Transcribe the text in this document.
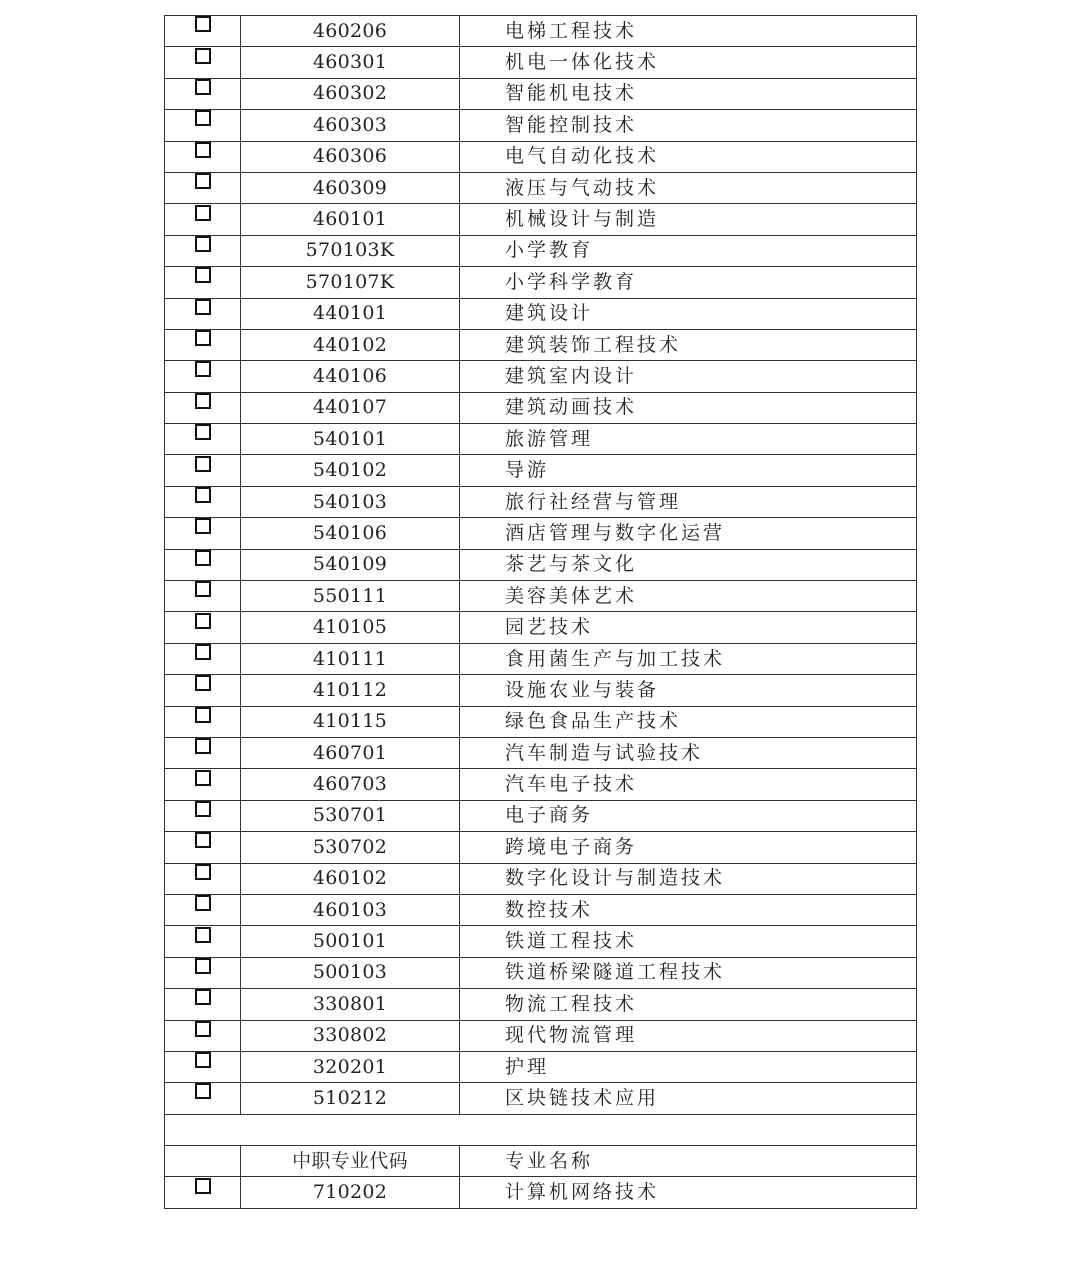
	460206	电梯工程技术
	460301	机电一体化技术
	460302	智能机电技术
	460303	智能控制技术
	460306	电气自动化技术
	460309	液压与气动技术
	460101	机械设计与制造
	570103K	小学教育
	570107K	小学科学教育
	440101	建筑设计
	440102	建筑装饰工程技术
	440106	建筑室内设计
	440107	建筑动画技术
	540101	旅游管理
	540102	导游
	540103	旅行社经营与管理
	540106	酒店管理与数字化运营
	540109	茶艺与茶文化
	550111	美容美体艺术
	410105	园艺技术
	410111	食用菌生产与加工技术
	410112	设施农业与装备
	410115	绿色食品生产技术
	460701	汽车制造与试验技术
	460703	汽车电子技术
	530701	电子商务
	530702	跨境电子商务
	460102	数字化设计与制造技术
	460103	数控技术
	500101	铁道工程技术
	500103	铁道桥梁隧道工程技术
	330801	物流工程技术
	330802	现代物流管理
	320201	护理
	510212	区块链技术应用

	中职专业代码	专业名称
	710202	计算机网络技术
